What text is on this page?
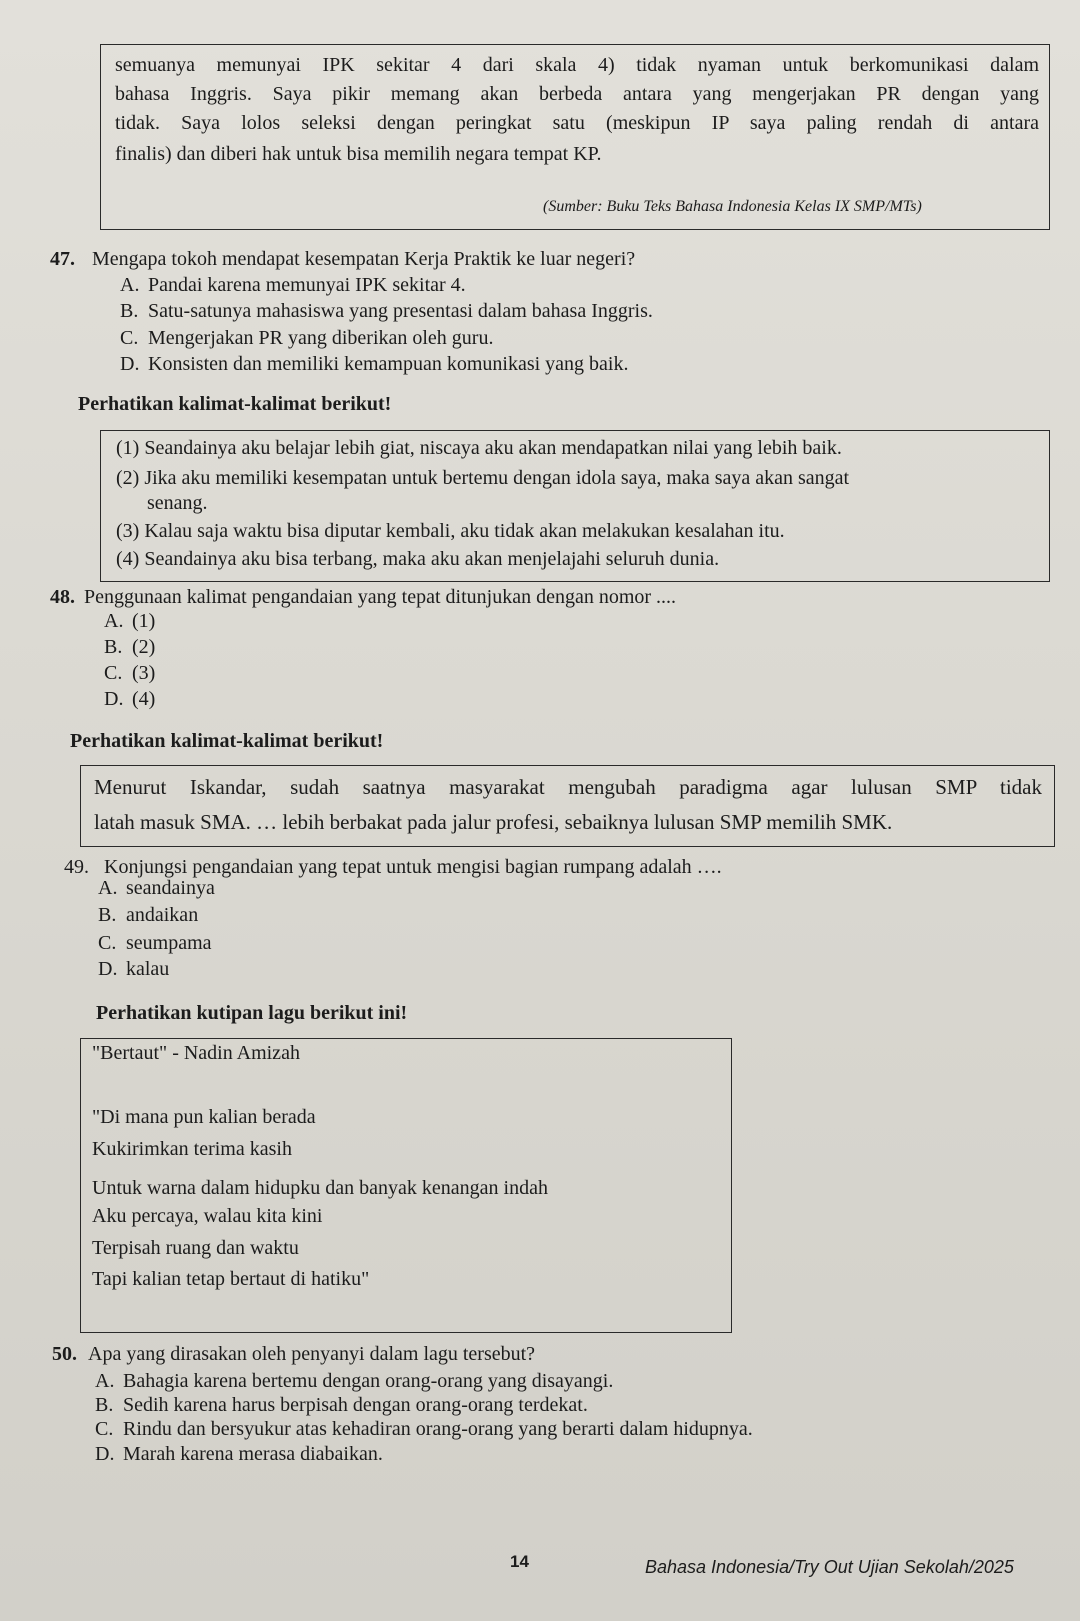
semuanya memunyai IPK sekitar 4 dari skala 4) tidak nyaman untuk berkomunikasi dalam
bahasa Inggris. Saya pikir memang akan berbeda antara yang mengerjakan PR dengan yang
tidak. Saya lolos seleksi dengan peringkat satu (meskipun IP saya paling rendah di antara
finalis) dan diberi hak untuk bisa memilih negara tempat KP.
(Sumber: Buku Teks Bahasa Indonesia Kelas IX SMP/MTs)
47. Mengapa tokoh mendapat kesempatan Kerja Praktik ke luar negeri?
A. Pandai karena memunyai IPK sekitar 4.
B. Satu-satunya mahasiswa yang presentasi dalam bahasa Inggris.
C. Mengerjakan PR yang diberikan oleh guru.
D. Konsisten dan memiliki kemampuan komunikasi yang baik.
Perhatikan kalimat-kalimat berikut!
(1) Seandainya aku belajar lebih giat, niscaya aku akan mendapatkan nilai yang lebih baik.
(2) Jika aku memiliki kesempatan untuk bertemu dengan idola saya, maka saya akan sangat
senang.
(3) Kalau saja waktu bisa diputar kembali, aku tidak akan melakukan kesalahan itu.
(4) Seandainya aku bisa terbang, maka aku akan menjelajahi seluruh dunia.
48. Penggunaan kalimat pengandaian yang tepat ditunjukan dengan nomor ....
A. (1)
B. (2)
C. (3)
D. (4)
Perhatikan kalimat-kalimat berikut!
Menurut Iskandar, sudah saatnya masyarakat mengubah paradigma agar lulusan SMP tidak
latah masuk SMA. … lebih berbakat pada jalur profesi, sebaiknya lulusan SMP memilih SMK.
49. Konjungsi pengandaian yang tepat untuk mengisi bagian rumpang adalah ….
A. seandainya
B. andaikan
C. seumpama
D. kalau
Perhatikan kutipan lagu berikut ini!
"Bertaut" - Nadin Amizah
"Di mana pun kalian berada
Kukirimkan terima kasih
Untuk warna dalam hidupku dan banyak kenangan indah
Aku percaya, walau kita kini
Terpisah ruang dan waktu
Tapi kalian tetap bertaut di hatiku"
50. Apa yang dirasakan oleh penyanyi dalam lagu tersebut?
A. Bahagia karena bertemu dengan orang-orang yang disayangi.
B. Sedih karena harus berpisah dengan orang-orang terdekat.
C. Rindu dan bersyukur atas kehadiran orang-orang yang berarti dalam hidupnya.
D. Marah karena merasa diabaikan.
14	Bahasa Indonesia/Try Out Ujian Sekolah/2025
